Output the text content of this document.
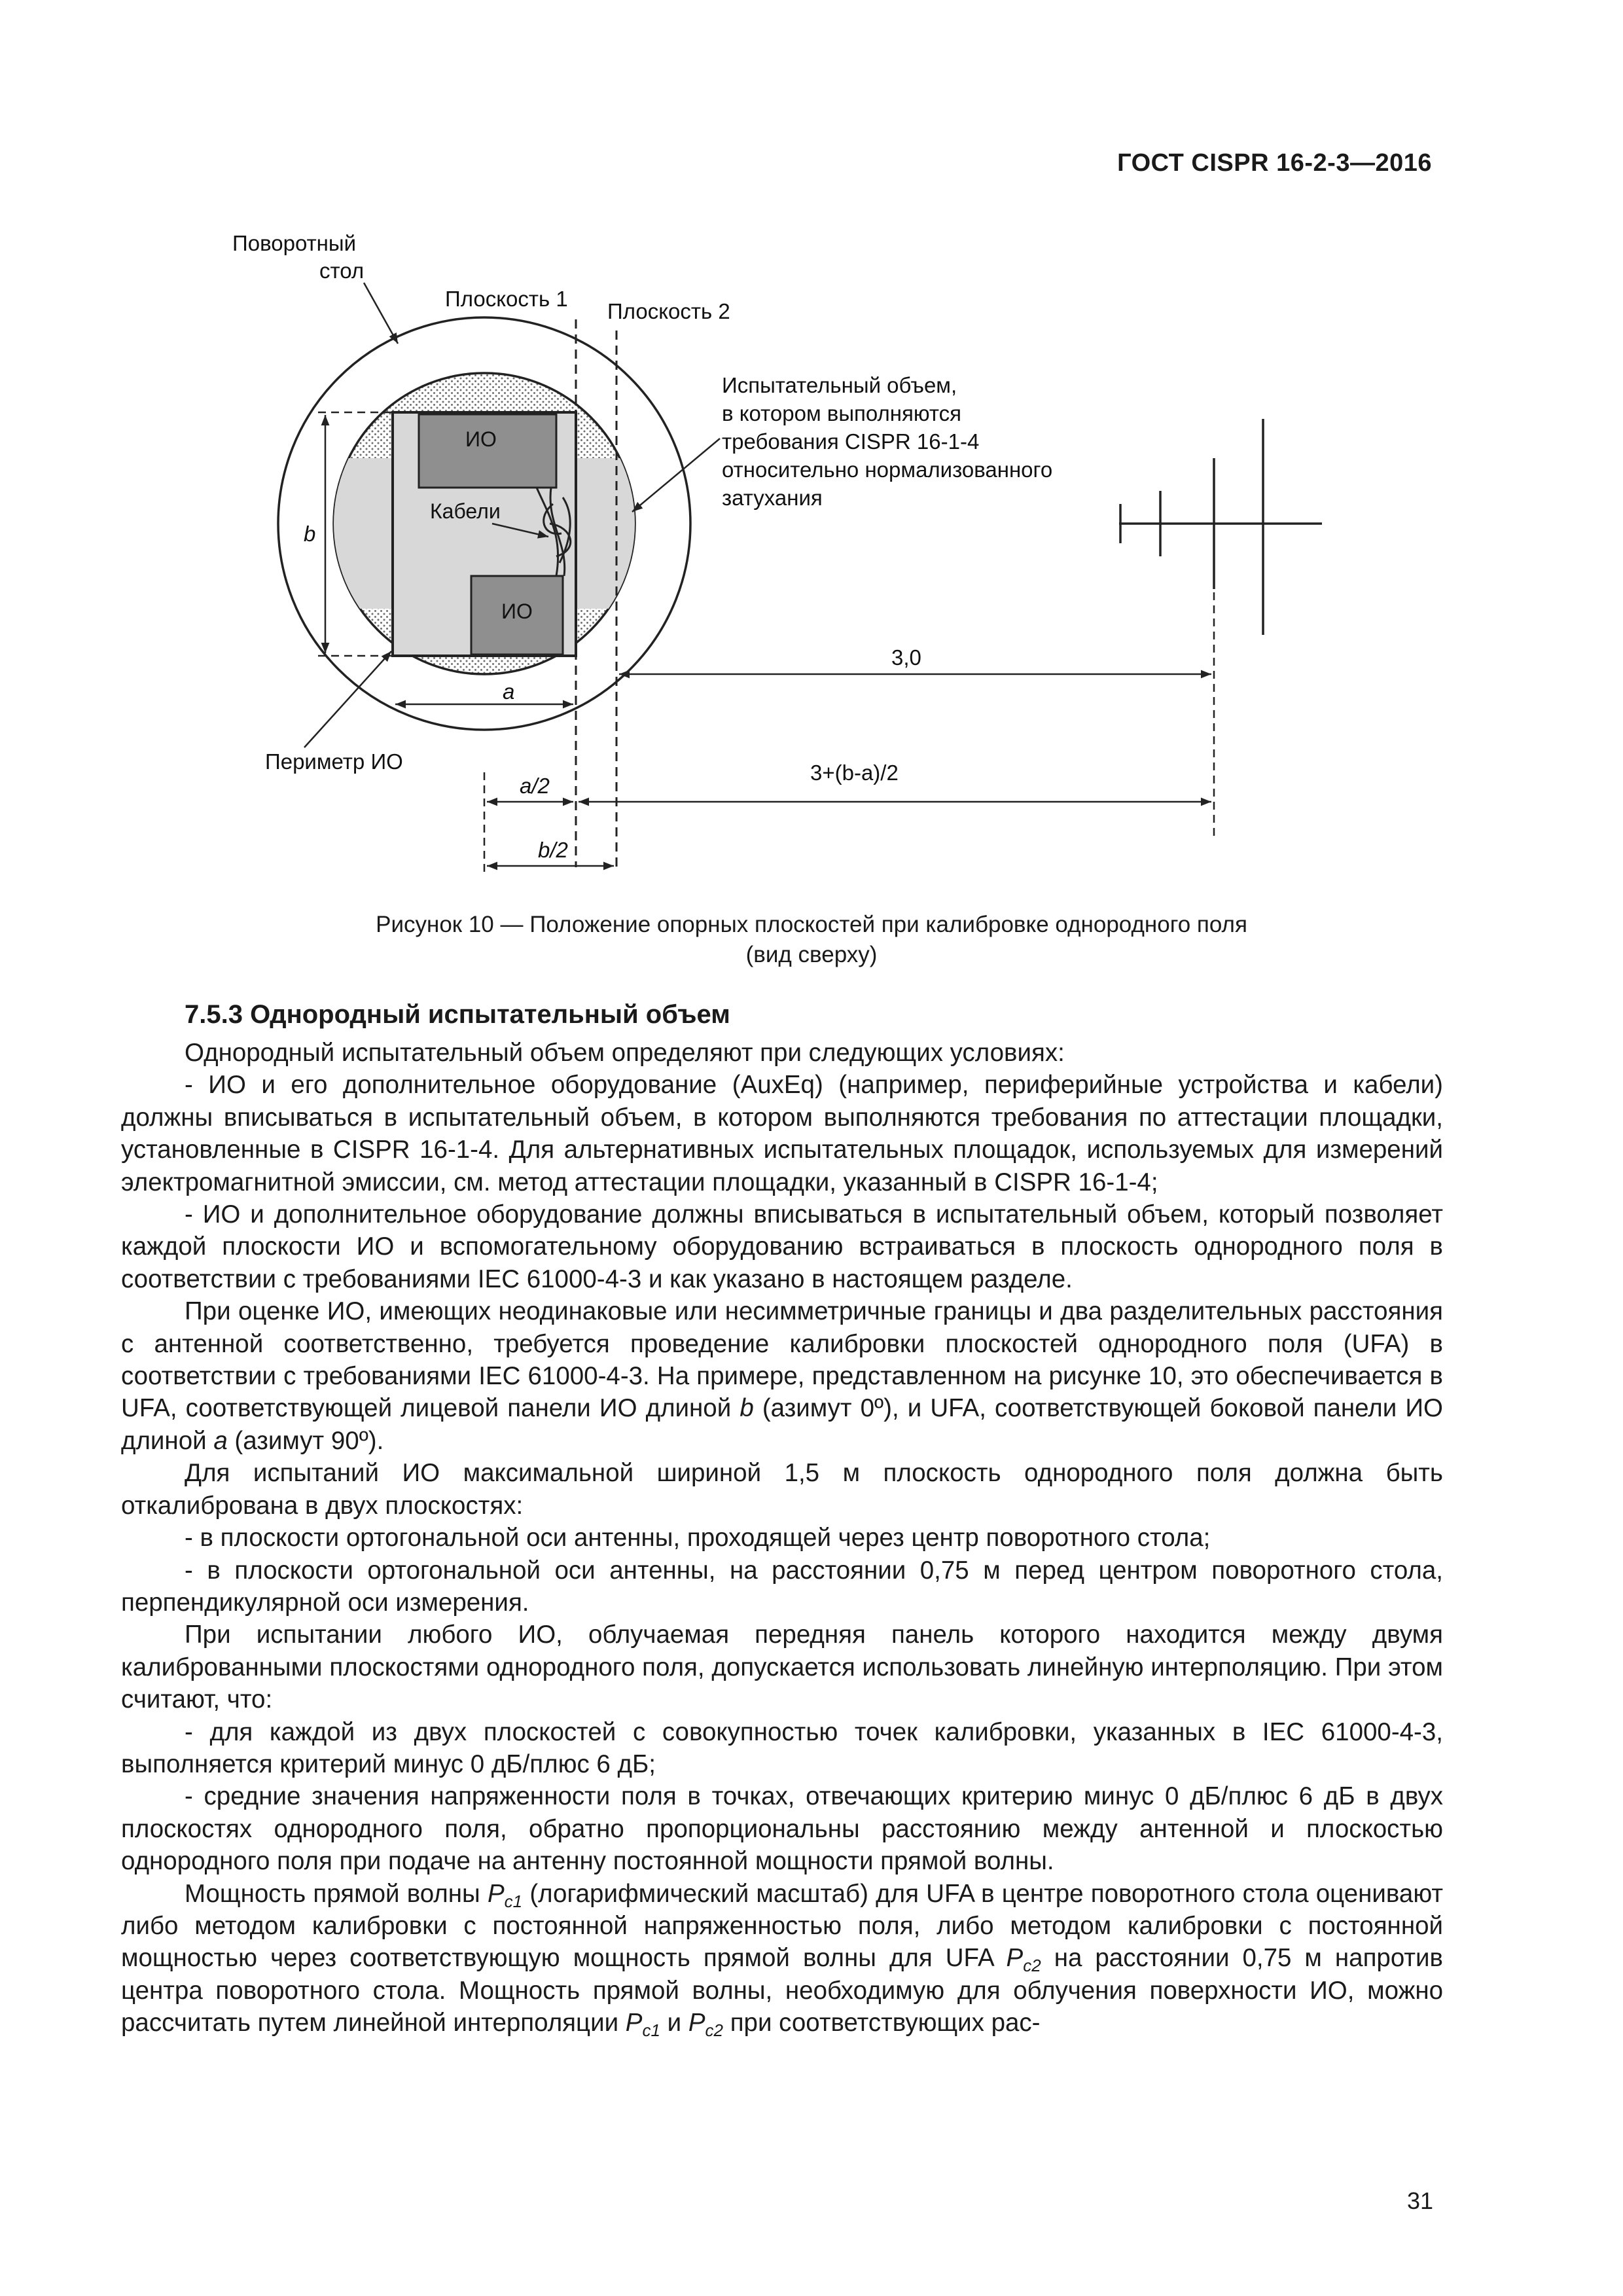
ГОСТ CISPR 16-2-3—2016
ИО
ИО
Кабели
Плоскость 1
Плоскость 2
Поворотный
стол
Испытательный объем,
в котором выполняются
требования CISPR 16-1-4
относительно нормализованного
затухания
b
a
Периметр ИО
3,0
a/2
3+(b-a)/2
b/2
Рисунок 10 — Положение опорных плоскостей при калибровке однородного поля
(вид сверху)
7.5.3 Однородный испытательный объем

Однородный испытательный объем определяют при следующих условиях:

- ИО и его дополнительное оборудование (AuxEq) (например, периферийные устройства и кабели) должны вписываться в испытательный объем, в котором выполняются требования по аттестации площадки, установленные в CISPR 16-1-4. Для альтернативных испытательных площадок, используемых для измерений электромагнитной эмиссии, см. метод аттестации площадки, указанный в CISPR 16-1-4;

- ИО и дополнительное оборудование должны вписываться в испытательный объем, который позволяет каждой плоскости ИО и вспомогательному оборудованию встраиваться в плоскость однородного поля в соответствии с требованиями IEC 61000-4-3 и как указано в настоящем разделе.

При оценке ИО, имеющих неодинаковые или несимметричные границы и два разделительных расстояния с антенной соответственно, требуется проведение калибровки плоскостей однородного поля (UFA) в соответствии с требованиями IEC 61000-4-3. На примере, представленном на рисунке 10, это обеспечивается в UFA, соответствующей лицевой панели ИО длиной b (азимут 0º), и UFA, соответствующей боковой панели ИО длиной a (азимут 90º).

Для испытаний ИО максимальной шириной 1,5 м плоскость однородного поля должна быть откалибрована в двух плоскостях:

- в плоскости ортогональной оси антенны, проходящей через центр поворотного стола;

- в плоскости ортогональной оси антенны, на расстоянии 0,75 м перед центром поворотного стола, перпендикулярной оси измерения.

При испытании любого ИО, облучаемая передняя панель которого находится между двумя калиброванными плоскостями однородного поля, допускается использовать линейную интерполяцию. При этом считают, что:

- для каждой из двух плоскостей с совокупностью точек калибровки, указанных в IEC 61000-4-3, выполняется критерий минус 0 дБ/плюс 6 дБ;

- средние значения напряженности поля в точках, отвечающих критерию минус 0 дБ/плюс 6 дБ в двух плоскостях однородного поля, обратно пропорциональны расстоянию между антенной и плоскостью однородного поля при подаче на антенну постоянной мощности прямой волны.

Мощность прямой волны $P_{c1}$ (логарифмический масштаб) для UFA в центре поворотного стола оценивают либо методом калибровки с постоянной напряженностью поля, либо методом калибровки с постоянной мощностью через соответствующую мощность прямой волны для UFA $P_{c2}$ на расстоянии 0,75 м напротив центра поворотного стола. Мощность прямой волны, необходимую для облучения поверхности ИО, можно рассчитать путем линейной интерполяции $P_{c1}$ и $P_{c2}$ при соответствующих рас-

31
